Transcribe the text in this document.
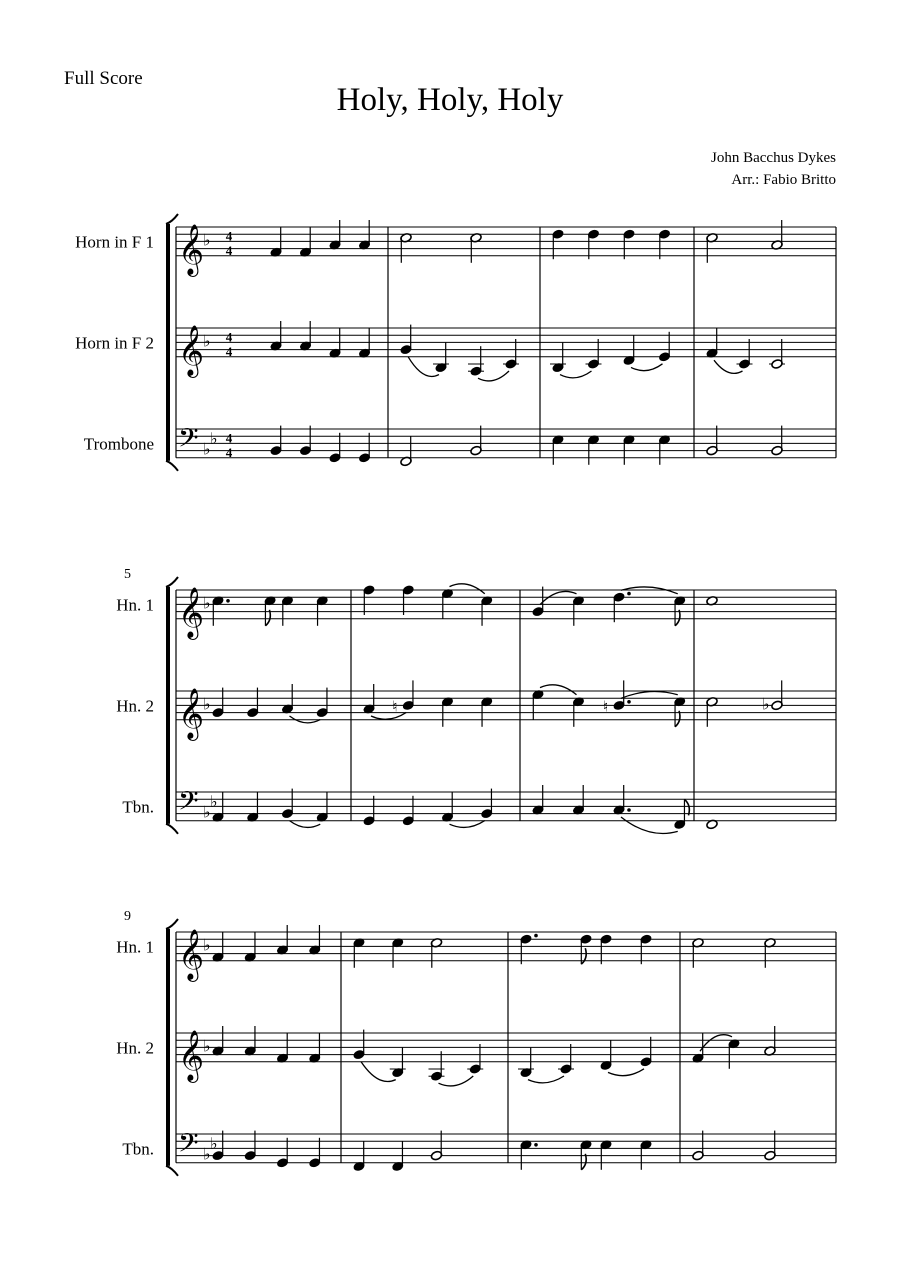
Full Score

Holy, Holy, Holy

John Bacchus Dykes

Arr.: Fabio Britto

𝄞
♭ 4
4
Horn in F 1
𝄞
♭ 4
4
Horn in F 2
𝄢 ♭
♭ 4
4
Trombone
5
𝄞
♭
Hn. 1
𝄞
♭
Hn. 2	♮	♮	♭
𝄢 ♭
♭
Tbn.
9
𝄞
♭
Hn. 1
𝄞
♭
Hn. 2
𝄢 ♭
♭
Tbn.
